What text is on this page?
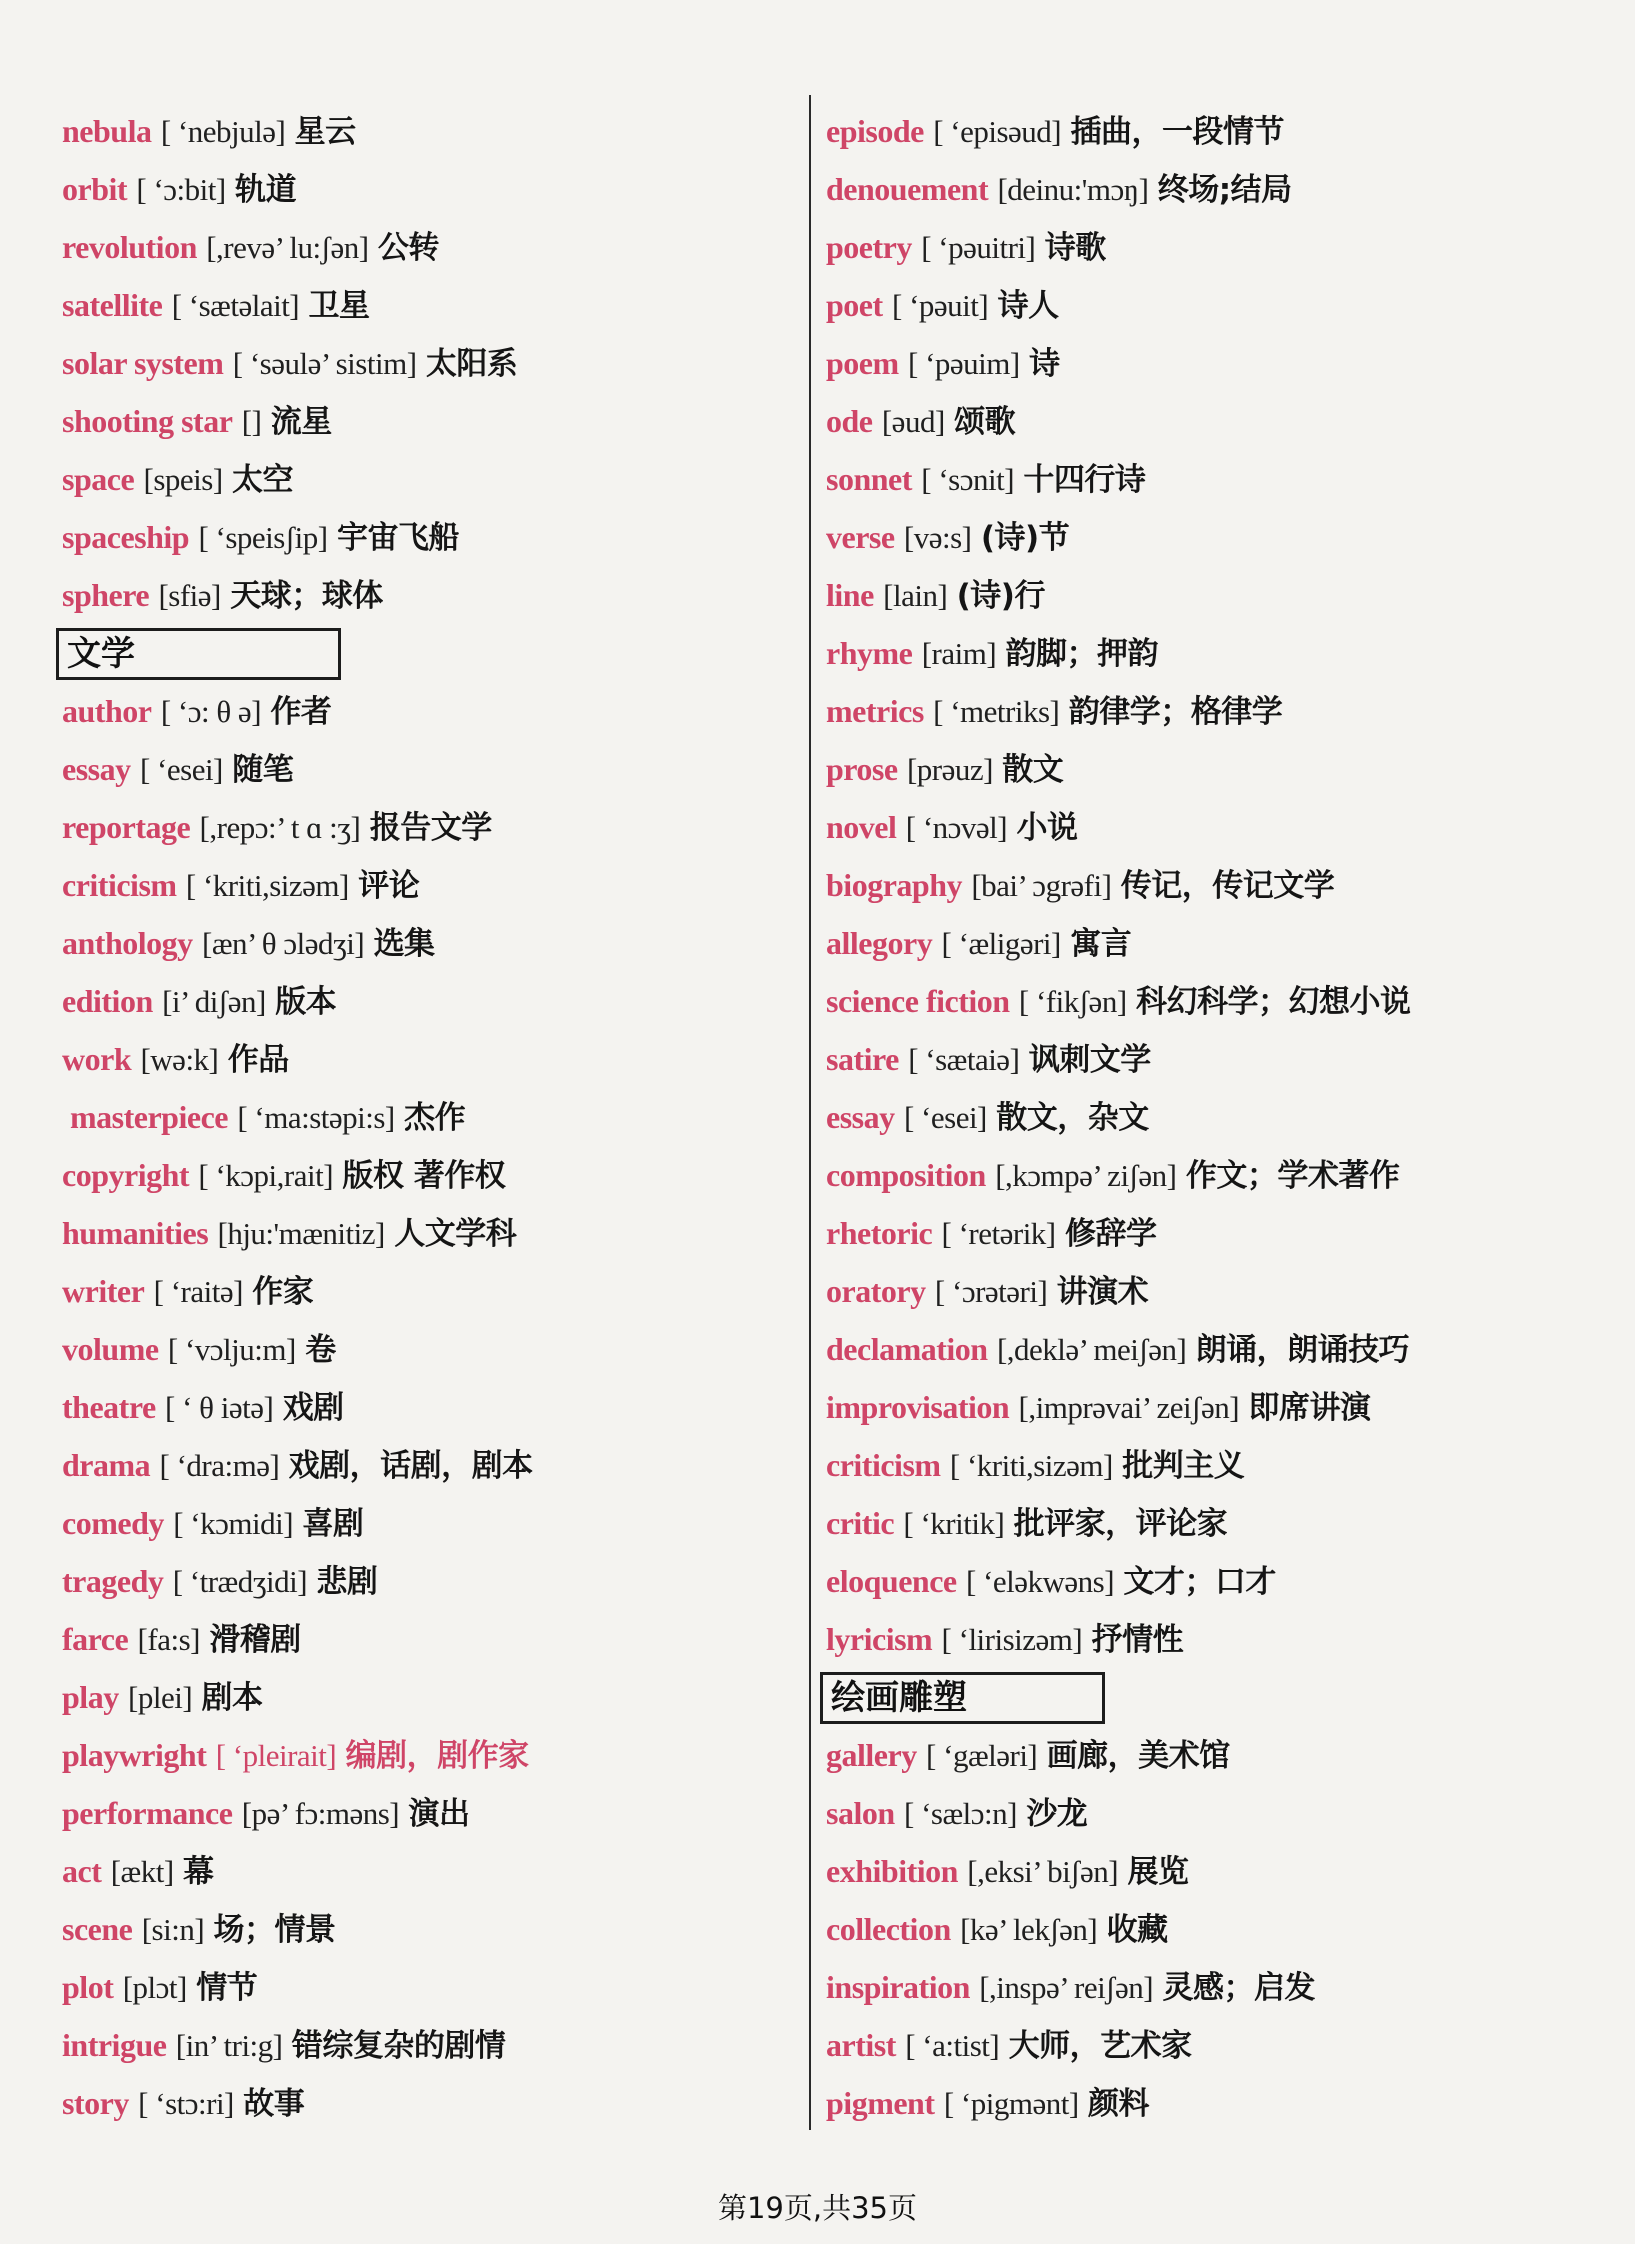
nebula [ ‘nebjulə] 星云
orbit [ ‘ɔ:bit] 轨道
revolution [,revə’ lu:ʃən] 公转
satellite [ ‘sætəlait] 卫星
solar system [ ‘səulə’ sistim] 太阳系
shooting star [] 流星
space [speis] 太空
spaceship [ ‘speisʃip] 宇宙飞船
sphere [sfiə] 天球；球体
文学
author [ ‘ɔ: θ ə] 作者
essay [ ‘esei] 随笔
reportage [,repɔ:’ t ɑ :ʒ] 报告文学
criticism [ ‘kriti,sizəm] 评论
anthology [æn’ θ ɔlədʒi] 选集
edition [i’ diʃən] 版本
work [wə:k] 作品
masterpiece [ ‘ma:stəpi:s] 杰作
copyright [ ‘kɔpi,rait] 版权 著作权
humanities [hju:'mænitiz] 人文学科
writer [ ‘raitə] 作家
volume [ ‘vɔlju:m] 卷
theatre [ ‘ θ iətə] 戏剧
drama [ ‘dra:mə] 戏剧，话剧，剧本
comedy [ ‘kɔmidi] 喜剧
tragedy [ ‘trædʒidi] 悲剧
farce [fa:s] 滑稽剧
play [plei] 剧本
playwright [ ‘pleirait] 编剧，剧作家
performance [pə’ fɔ:məns] 演出
act [ækt] 幕
scene [si:n] 场；情景
plot [plɔt] 情节
intrigue [in’ tri:g] 错综复杂的剧情
story [ ‘stɔ:ri] 故事
episode [ ‘episəud] 插曲，一段情节
denouement [deinu:'mɔŋ] 终场;结局
poetry [ ‘pəuitri] 诗歌
poet [ ‘pəuit] 诗人
poem [ ‘pəuim] 诗
ode [əud] 颂歌
sonnet [ ‘sɔnit] 十四行诗
verse [və:s] (诗)节
line [lain] (诗)行
rhyme [raim] 韵脚；押韵
metrics [ ‘metriks] 韵律学；格律学
prose [prəuz] 散文
novel [ ‘nɔvəl] 小说
biography [bai’ ɔgrəfi] 传记，传记文学
allegory [ ‘æligəri] 寓言
science fiction [ ‘fikʃən] 科幻科学；幻想小说
satire [ ‘sætaiə] 讽刺文学
essay [ ‘esei] 散文，杂文
composition [,kɔmpə’ ziʃən] 作文；学术著作
rhetoric [ ‘retərik] 修辞学
oratory [ ‘ɔrətəri] 讲演术
declamation [,deklə’ meiʃən] 朗诵，朗诵技巧
improvisation [,imprəvai’ zeiʃən] 即席讲演
criticism [ ‘kriti,sizəm] 批判主义
critic [ ‘kritik] 批评家，评论家
eloquence [ ‘eləkwəns] 文才；口才
lyricism [ ‘lirisizəm] 抒情性
绘画雕塑
gallery [ ‘gæləri] 画廊，美术馆
salon [ ‘sælɔ:n] 沙龙
exhibition [,eksi’ biʃən] 展览
collection [kə’ lekʃən] 收藏
inspiration [,inspə’ reiʃən] 灵感；启发
artist [ ‘a:tist] 大师，艺术家
pigment [ ‘pigmənt] 颜料
第19页,共35页
